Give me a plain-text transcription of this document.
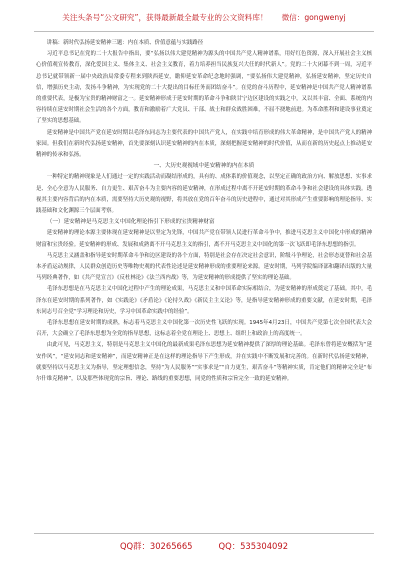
关注头条号“公文研究”，获得最新最全最专业的公文资料库！ 微信：gongwenyj

讲稿：新时代弘扬延安精神三题：内在本质、价值意蕴与实践路径

习近平总书记在党的二十大报告中指出，要“弘扬以伟大建党精神为源头的中国共产党人精神谱系，用好红色资源，深入开展社会主义核心价值观宣传教育，深化爱国主义、集体主义、社会主义教育，着力培养担当民族复兴大任的时代新人”。党的二十大闭幕不到一周，习近平总书记就带领新一届中央政治局常委专程来到陕西延安，瞻仰延安革命纪念地时强调，“要弘扬伟大建党精神，弘扬延安精神，坚定历史自信，增强历史主动，发扬斗争精神，为实现党的二十大提出的目标任务而团结奋斗”。在党的奋斗历程中，延安精神是中国共产党人精神谱系的重要代表，是极为宝贵的精神财富之一。延安精神形成于延安时期的革命斗争和陕甘宁边区建设的实践之中，又以其丰富、全面、系统的内容持续在延安时期社会生活的各个方面，教育和激励着广大党员、干部、战士和群众战胜困难，不屈不挠地前进。为革命胜利和建设事业奠定了坚实的思想基础。

延安精神是中国共产党在延安时期以毛泽东同志为主要代表的中国共产党人，在实践中培育形成的伟大革命精神，是中国共产党人的精神家园。但我们在新时代弘扬延安精神，首先要深刻认识延安精神的内在本质，深刻把握延安精神的时代价值，从而在新的历史起点上推动延安精神的传承和弘扬。

一、大历史观视域中延安精神的内在本质

一种特定的精神现象是人们通过一定的实践活动而凝结形成的，具有的、成体系的价值观念，以坚定正确的政治方向、解放思想、实事求是、全心全意为人民服务、自力更生、艰苦奋斗为主要内容的延安精神，在形成过程中离不开延安时期的革命斗争和社会建设的具体实践。透视其主要内容背后的内在本质，需要坚持大历史观的视野，将其放在党的百年奋斗的历史进程中，通过对其形成产生重要影响的理论指导、实践基础和文化渊源三个层面考察。

（一）延安精神是马克思主义中国化理论指引下形成的宝贵精神财富

延安精神的理论本源主要体现在延安精神是以坚定为先锋，中国共产党在带领人民进行革命斗争中，推进马克思主义中国化中形成的精神财富和宝贵经验。延安精神的形成、发展和成熟离不开马克思主义的指引，离不开马克思主义中国化的第一次飞跃即毛泽东思想的指引。

马克思主义涵盖和指导延安时期革命斗争和边区建设的各个方面，特别是社会存在决定社会意识，阶级斗争理论，社会形态更替和社会基本矛盾运动规律，人民群众创造历史等唯物史观的代表性论述是延安精神形成的重要理论来源。延安时期，马列学院编译部和翻译出版的大量马列经典著作，如《共产党宣言》《反杜林论》《法兰西内战》等，为延安精神的形成提供了坚实的理论基础。

毛泽东思想是在马克思主义中国化过程中产生的理论成果，马克思主义和中国革命实际相结合，为延安精神的形成奠定了基础。其中，毛泽东在延安时期的系列著作，如《实践论》《矛盾论》《论持久战》《新民主主义论》等，是指导延安精神形成的重要文献，在延安时期，毛泽东同志号召全党“学习理论和历史，学习中国革命实践中的经验”。

毛泽东思想在延安时期的成熟，标志着马克思主义中国化第一次历史性飞跃的实现。1945年4月23日，中国共产党第七次全国代表大会召开，大会确立了毛泽东思想为全党的指导思想，这标志着全党在理论上、思想上、组织上和政治上的高度统一。

由此可见，马克思主义，特别是马克思主义中国化的最新成果毛泽东思想为延安精神提供了深厚的理论基础。毛泽东曾将延安概括为“延安作风”，“延安同志和延安精神”，而延安精神正是在这样的理论指导下产生形成，并在实践中不断发展和完善的。在新时代弘扬延安精神，就要坚持以马克思主义为指导，坚定理想信念，坚持“为人民服务”“实事求是”“自力更生，艰苦奋斗”等精神实质，肯定他们的精神完全是“布尔什维克精神”，以及那些体现党的宗旨、理论、路线的重要思想，同党的性质和宗旨完全一致的延安精神。

QQ群：30265665	QQ：535304092
